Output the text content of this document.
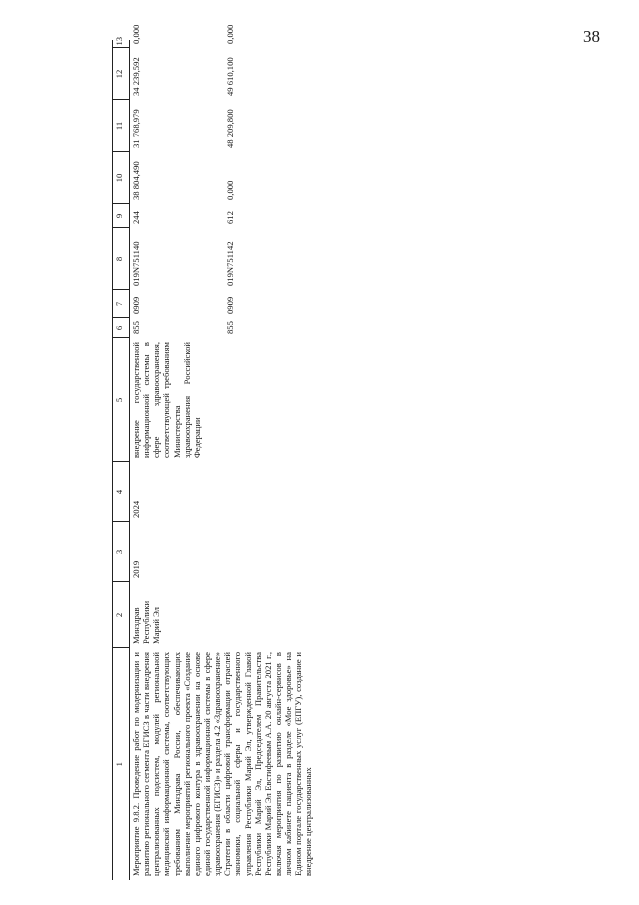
38
1	2	3	4	5	6	7	8	9	10	11	12	13
Мероприятие 9.8.2. Проведение работ по модернизации и развитию регионального сегмента ЕГИСЗ в части внедрения централизованных подсистем, модулей региональной медицинской информационной системы, соответствующих требованиям Минздрава России, обеспечивающих выполнение мероприятий регионального проекта «Создание единого цифрового контура в здравоохранении на основе единой государственной информационной системы в сфере здравоохранения (ЕГИСЗ)» и раздела 4.2 «Здравоохранение» Стратегии в области цифровой трансформации отраслей экономики, социальной сферы и государственного управления Республики Марий Эл, утвержденной Главой Республики Марий Эл, Председателем Правительства Республики Марий Эл Евстифеевым А.А. 20 августа 2021 г., включая мероприятия по развитию онлайн-сервисов в личном кабинете пациента в разделе «Мое здоровье» на Едином портале государственных услуг (ЕПГУ), создание и внедрение централизованных	Минздрав Республики Марий Эл	2019	2024	внедрение государственной информационной системы в сфере здравоохранения, соответствующей требованиям Министерства здравоохранения Российской Федерации	855	0909	019N751140	244	38 804,490	31 768,979	34 239,592	0,000
					855	0909	019N751142	612	0,000	48 209,800	49 610,100	0,000
